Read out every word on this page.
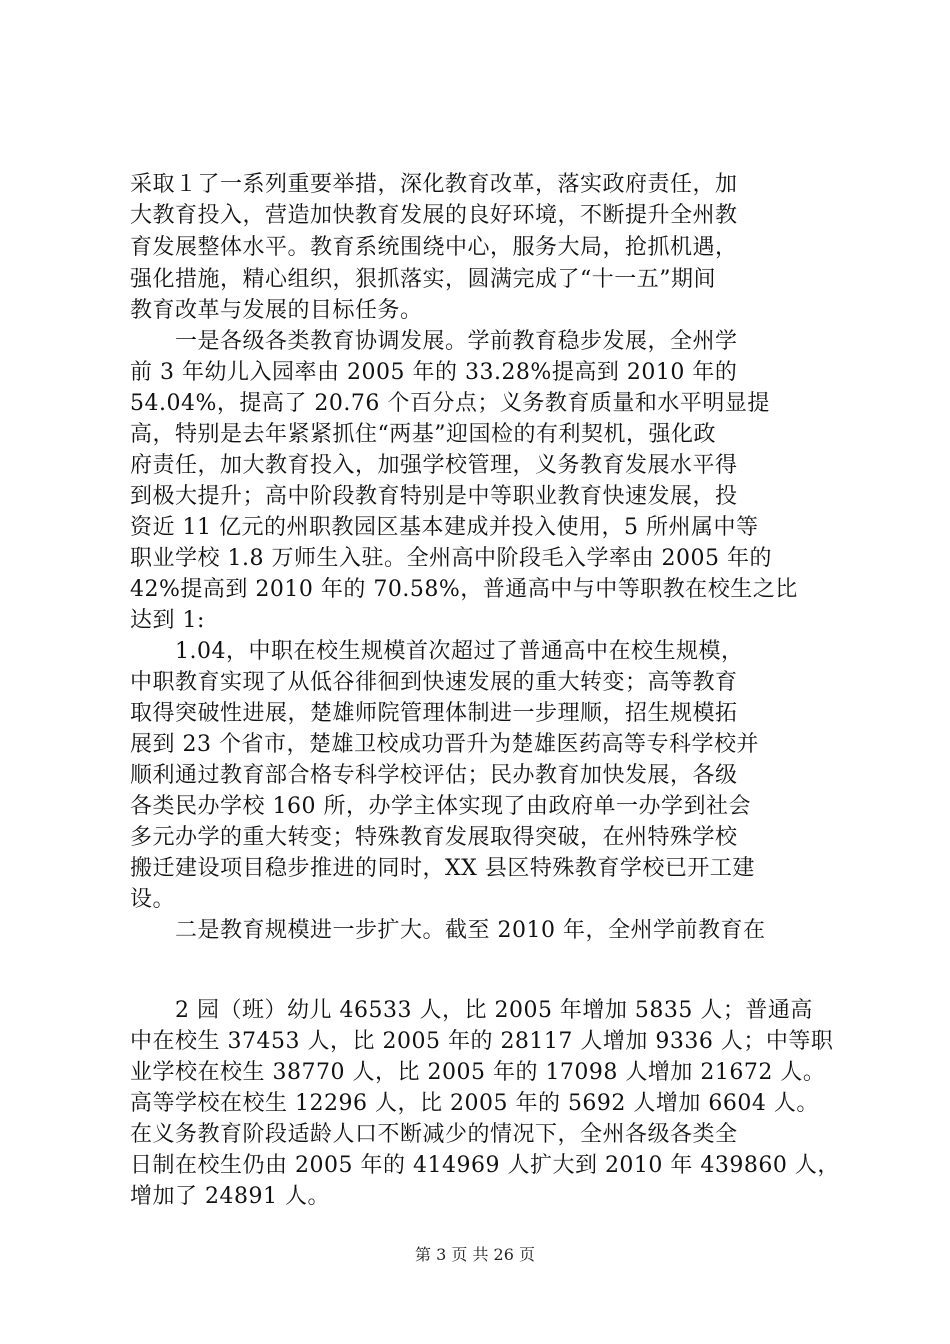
采取１了一系列重要举措，深化教育改革，落实政府责任，加
大教育投入，营造加快教育发展的良好环境，不断提升全州教
育发展整体水平。教育系统围绕中心，服务大局，抢抓机遇，
强化措施，精心组织，狠抓落实，圆满完成了“十一五”期间
教育改革与发展的目标任务。
　　一是各级各类教育协调发展。学前教育稳步发展，全州学
前 3 年幼儿入园率由 2005 年的 33.28%提高到 2010 年的
54.04%，提高了 20.76 个百分点；义务教育质量和水平明显提
高，特别是去年紧紧抓住“两基”迎国检的有利契机，强化政
府责任，加大教育投入，加强学校管理，义务教育发展水平得
到极大提升；高中阶段教育特别是中等职业教育快速发展，投
资近 11 亿元的州职教园区基本建成并投入使用，5 所州属中等
职业学校 1.8 万师生入驻。全州高中阶段毛入学率由 2005 年的
42%提高到 2010 年的 70.58%，普通高中与中等职教在校生之比
达到 1:
　　1.04，中职在校生规模首次超过了普通高中在校生规模，
中职教育实现了从低谷徘徊到快速发展的重大转变；高等教育
取得突破性进展，楚雄师院管理体制进一步理顺，招生规模拓
展到 23 个省市，楚雄卫校成功晋升为楚雄医药高等专科学校并
顺利通过教育部合格专科学校评估；民办教育加快发展，各级
各类民办学校 160 所，办学主体实现了由政府单一办学到社会
多元办学的重大转变；特殊教育发展取得突破，在州特殊学校
搬迁建设项目稳步推进的同时，XX 县区特殊教育学校已开工建
设。
　　二是教育规模进一步扩大。截至 2010 年，全州学前教育在
　　2 园（班）幼儿 46533 人，比 2005 年增加 5835 人；普通高
中在校生 37453 人，比 2005 年的 28117 人增加 9336 人；中等职
业学校在校生 38770 人，比 2005 年的 17098 人增加 21672 人。
高等学校在校生 12296 人，比 2005 年的 5692 人增加 6604 人。
在义务教育阶段适龄人口不断减少的情况下，全州各级各类全
日制在校生仍由 2005 年的 414969 人扩大到 2010 年 439860 人，
增加了 24891 人。
第 3 页 共 26 页
